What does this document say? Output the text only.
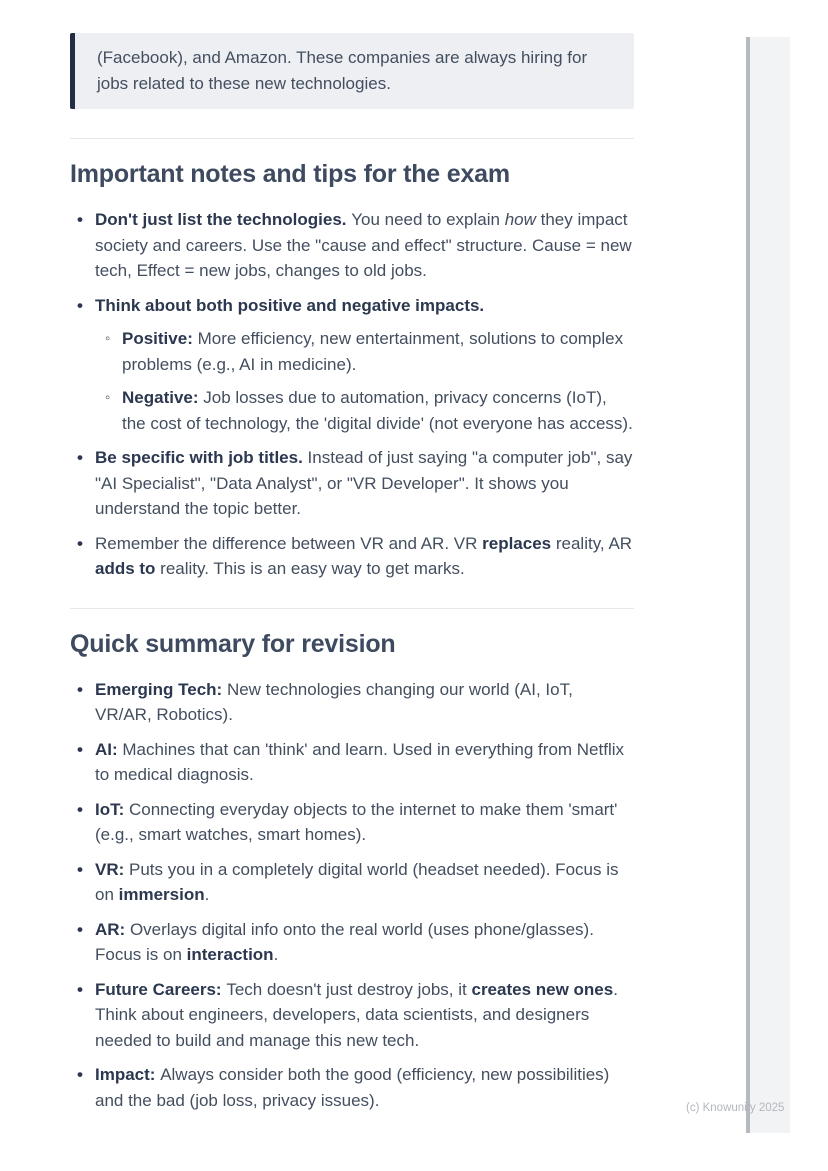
(Facebook), and Amazon. These companies are always hiring for jobs related to these new technologies.
Important notes and tips for the exam
• Don't just list the technologies. You need to explain how they impact society and careers. Use the "cause and effect" structure. Cause = new tech, Effect = new jobs, changes to old jobs.
• Think about both positive and negative impacts.
◦ Positive: More efficiency, new entertainment, solutions to complex problems (e.g., AI in medicine).
◦ Negative: Job losses due to automation, privacy concerns (IoT), the cost of technology, the 'digital divide' (not everyone has access).
• Be specific with job titles. Instead of just saying "a computer job", say "AI Specialist", "Data Analyst", or "VR Developer". It shows you understand the topic better.
• Remember the difference between VR and AR. VR replaces reality, AR adds to reality. This is an easy way to get marks.
Quick summary for revision
• Emerging Tech: New technologies changing our world (AI, IoT, VR/AR, Robotics).
• AI: Machines that can 'think' and learn. Used in everything from Netflix to medical diagnosis.
• IoT: Connecting everyday objects to the internet to make them 'smart' (e.g., smart watches, smart homes).
• VR: Puts you in a completely digital world (headset needed). Focus is on immersion.
• AR: Overlays digital info onto the real world (uses phone/glasses). Focus is on interaction.
• Future Careers: Tech doesn't just destroy jobs, it creates new ones. Think about engineers, developers, data scientists, and designers needed to build and manage this new tech.
• Impact: Always consider both the good (efficiency, new possibilities) and the bad (job loss, privacy issues).	(c) Knowunity 2025
